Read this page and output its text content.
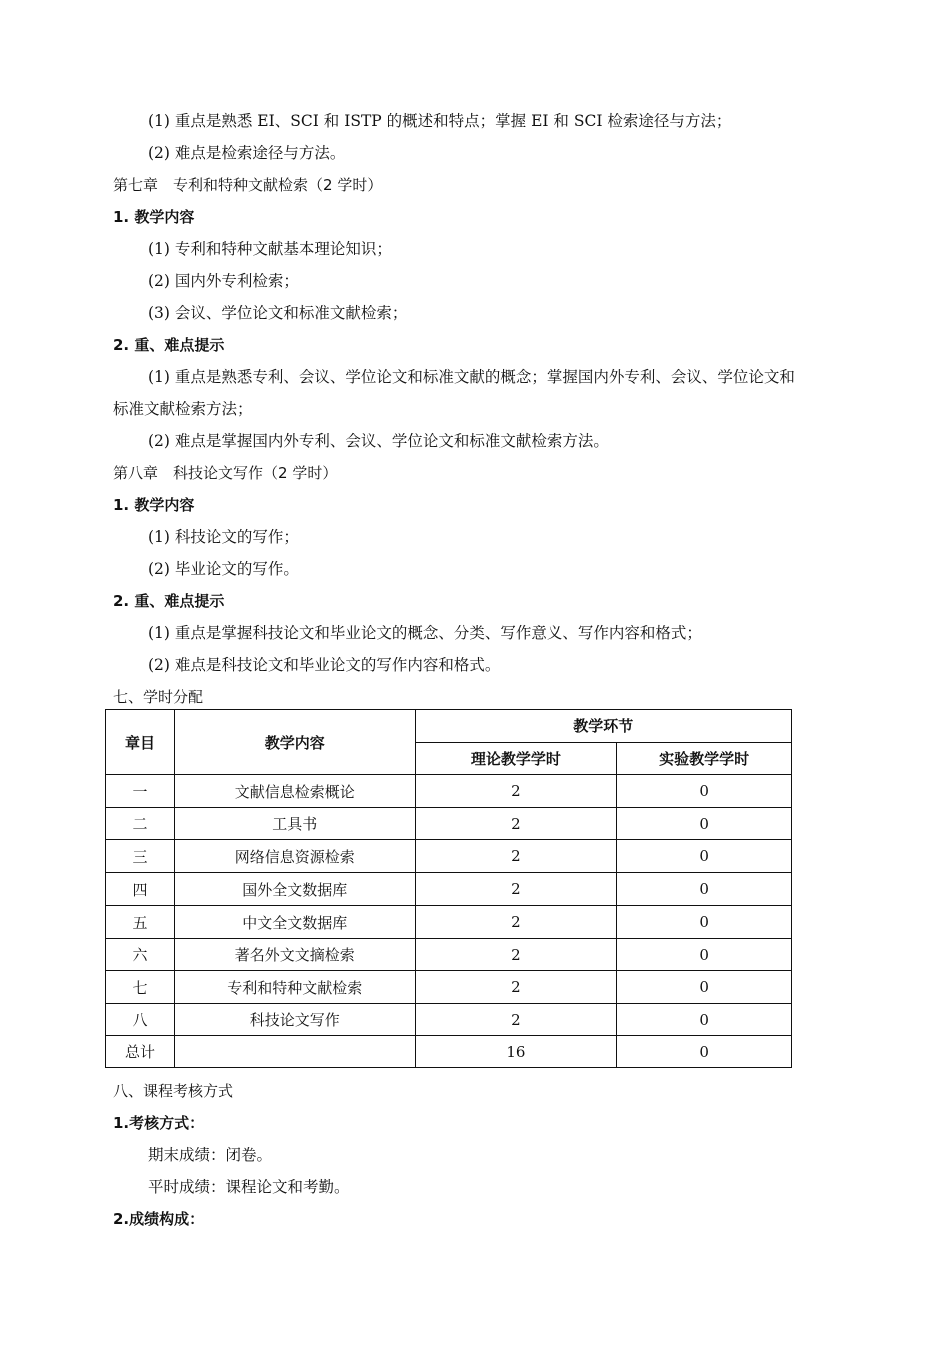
(1) 重点是熟悉 EI、SCI 和 ISTP 的概述和特点；掌握 EI 和 SCI 检索途径与方法；
(2) 难点是检索途径与方法。
第七章　专利和特种文献检索（2 学时）
1. 教学内容
(1) 专利和特种文献基本理论知识；
(2) 国内外专利检索；
(3) 会议、学位论文和标准文献检索；
2. 重、难点提示
(1) 重点是熟悉专利、会议、学位论文和标准文献的概念；掌握国内外专利、会议、学位论文和
标准文献检索方法；
(2) 难点是掌握国内外专利、会议、学位论文和标准文献检索方法。
第八章　科技论文写作（2 学时）
1. 教学内容
(1) 科技论文的写作；
(2) 毕业论文的写作。
2. 重、难点提示
(1) 重点是掌握科技论文和毕业论文的概念、分类、写作意义、写作内容和格式；
(2) 难点是科技论文和毕业论文的写作内容和格式。
七、学时分配
章目	教学内容	教学环节	
		理论教学学时	实验教学学时
一	文献信息检索概论	2	0
二	工具书	2	0
三	网络信息资源检索	2	0
四	国外全文数据库	2	0
五	中文全文数据库	2	0
六	著名外文文摘检索	2	0
七	专利和特种文献检索	2	0
八	科技论文写作	2	0
总计		16	0
八、课程考核方式
1.考核方式：
期末成绩：闭卷。
平时成绩：课程论文和考勤。
2.成绩构成：
